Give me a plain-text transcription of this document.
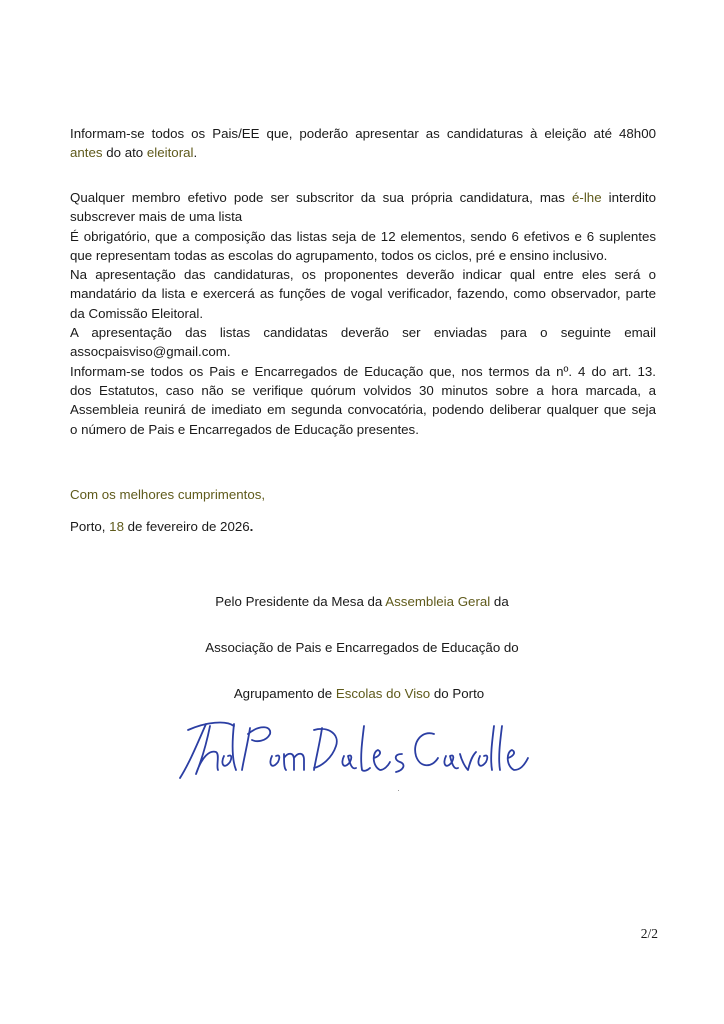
Informam-se todos os Pais/EE que, poderão apresentar as candidaturas à eleição até 48h00
antes do ato eleitoral.
Qualquer membro efetivo pode ser subscritor da sua própria candidatura, mas é-lhe interdito
subscrever mais de uma lista
É obrigatório, que a composição das listas seja de 12 elementos, sendo 6 efetivos e 6 suplentes
que representam todas as escolas do agrupamento, todos os ciclos, pré e ensino inclusivo.
Na apresentação das candidaturas, os proponentes deverão indicar qual entre eles será o
mandatário da lista e exercerá as funções de vogal verificador, fazendo, como observador, parte
da Comissão Eleitoral.
A apresentação das listas candidatas deverão ser enviadas para o seguinte email
assocpaisviso@gmail.com.
Informam-se todos os Pais e Encarregados de Educação que, nos termos da nº. 4 do art. 13.
dos Estatutos, caso não se verifique quórum volvidos 30 minutos sobre a hora marcada, a
Assembleia reunirá de imediato em segunda convocatória, podendo deliberar qualquer que seja
o número de Pais e Encarregados de Educação presentes.
Com os melhores cumprimentos,
Porto, 18 de fevereiro de 2026.
Pelo Presidente da Mesa da Assembleia Geral da
Associação de Pais e Encarregados de Educação do
Agrupamento de Escolas do Viso do Porto
2/2
